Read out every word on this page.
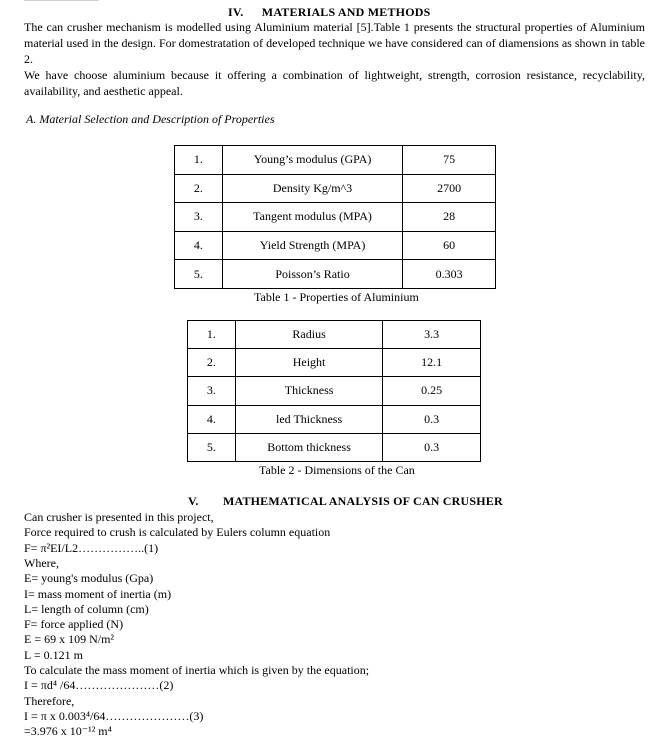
IV. MATERIALS AND METHODS
The can crusher mechanism is modelled using Aluminium material [5].Table 1 presents the structural properties of Aluminium material used in the design. For domestratation of developed technique we have considered can of diamensions as shown in table 2.
We have choose aluminium because it offering a combination of lightweight, strength, corrosion resistance, recyclability, availability, and aesthetic appeal.
A. Material Selection and Description of Properties
1.	Young’s modulus (GPA)	75
2.	Density Kg/m^3	2700
3.	Tangent modulus (MPA)	28
4.	Yield Strength (MPA)	60
5.	Poisson’s Ratio	0.303
Table 1 - Properties of Aluminium
1.	Radius	3.3
2.	Height	12.1
3.	Thickness	0.25
4.	led Thickness	0.3
5.	Bottom thickness	0.3
Table 2 - Dimensions of the Can
V. MATHEMATICAL ANALYSIS OF CAN CRUSHER
Can crusher is presented in this project,
Force required to crush is calculated by Eulers column equation
F= π²EI/L2……………..(1)
Where,
E= young's modulus (Gpa)
I= mass moment of inertia (m)
L= length of column (cm)
F= force applied (N)
E = 69 x 109 N/m²
L = 0.121 m
To calculate the mass moment of inertia which is given by the equation;
I = πd⁴ /64…………………(2)
Therefore,
I = π x 0.003⁴/64…………………(3)
=3.976 x 10⁻¹² m⁴
